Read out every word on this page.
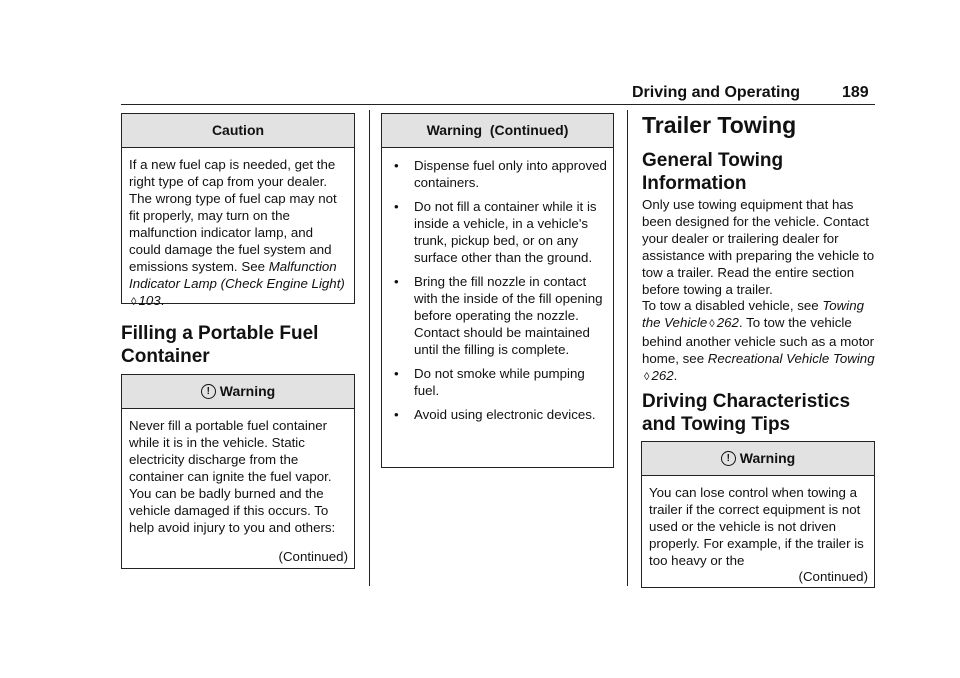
Driving and Operating	189
Caution

If a new fuel cap is needed, get the right type of cap from your dealer. The wrong type of fuel cap may not fit properly, may turn on the malfunction indicator lamp, and could damage the fuel system and emissions system. See Malfunction Indicator Lamp (Check Engine Light) ◊ 103.

Filling a Portable Fuel Container
! Warning

Never fill a portable fuel container while it is in the vehicle. Static electricity discharge from the container can ignite the fuel vapor. You can be badly burned and the vehicle damaged if this occurs. To help avoid injury to you and others:

(Continued)
Warning  (Continued)
• Dispense fuel only into approved containers.
• Do not fill a container while it is inside a vehicle, in a vehicle's trunk, pickup bed, or on any surface other than the ground.
• Bring the fill nozzle in contact with the inside of the fill opening before operating the nozzle. Contact should be maintained until the filling is complete.
• Do not smoke while pumping fuel.
• Avoid using electronic devices.
Trailer Towing
General Towing Information

Only use towing equipment that has been designed for the vehicle. Contact your dealer or trailering dealer for assistance with preparing the vehicle to tow a trailer. Read the entire section before towing a trailer.

To tow a disabled vehicle, see Towing the Vehicle ◊ 262. To tow the vehicle behind another vehicle such as a motor home, see Recreational Vehicle Towing◊ 262.

Driving Characteristics and Towing Tips
! Warning

You can lose control when towing a trailer if the correct equipment is not used or the vehicle is not driven properly. For example, if the trailer is too heavy or the

(Continued)
